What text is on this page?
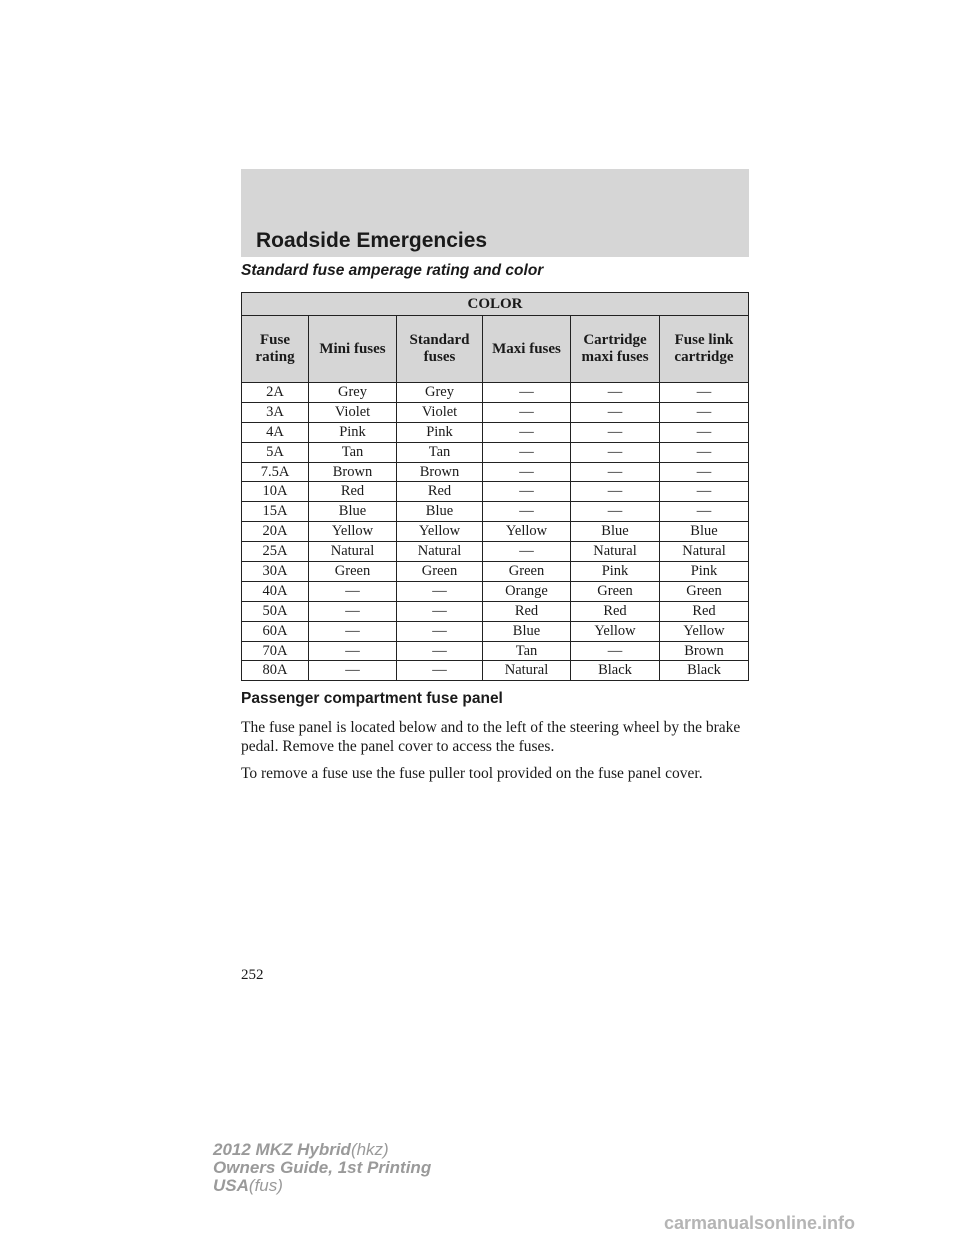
Roadside Emergencies
Standard fuse amperage rating and color
COLOR					
Fuse rating	Mini fuses	Standard fuses	Maxi fuses	Cartridge maxi fuses	Fuse link cartridge
2A	Grey	Grey	—	—	—
3A	Violet	Violet	—	—	—
4A	Pink	Pink	—	—	—
5A	Tan	Tan	—	—	—
7.5A	Brown	Brown	—	—	—
10A	Red	Red	—	—	—
15A	Blue	Blue	—	—	—
20A	Yellow	Yellow	Yellow	Blue	Blue
25A	Natural	Natural	—	Natural	Natural
30A	Green	Green	Green	Pink	Pink
40A	—	—	Orange	Green	Green
50A	—	—	Red	Red	Red
60A	—	—	Blue	Yellow	Yellow
70A	—	—	Tan	—	Brown
80A	—	—	Natural	Black	Black
Passenger compartment fuse panel
The fuse panel is located below and to the left of the steering wheel by the brake pedal. Remove the panel cover to access the fuses.
To remove a fuse use the fuse puller tool provided on the fuse panel cover.
252
2012 MKZ Hybrid(hkz)
Owners Guide, 1st Printing
USA(fus)
carmanualsonline.info
